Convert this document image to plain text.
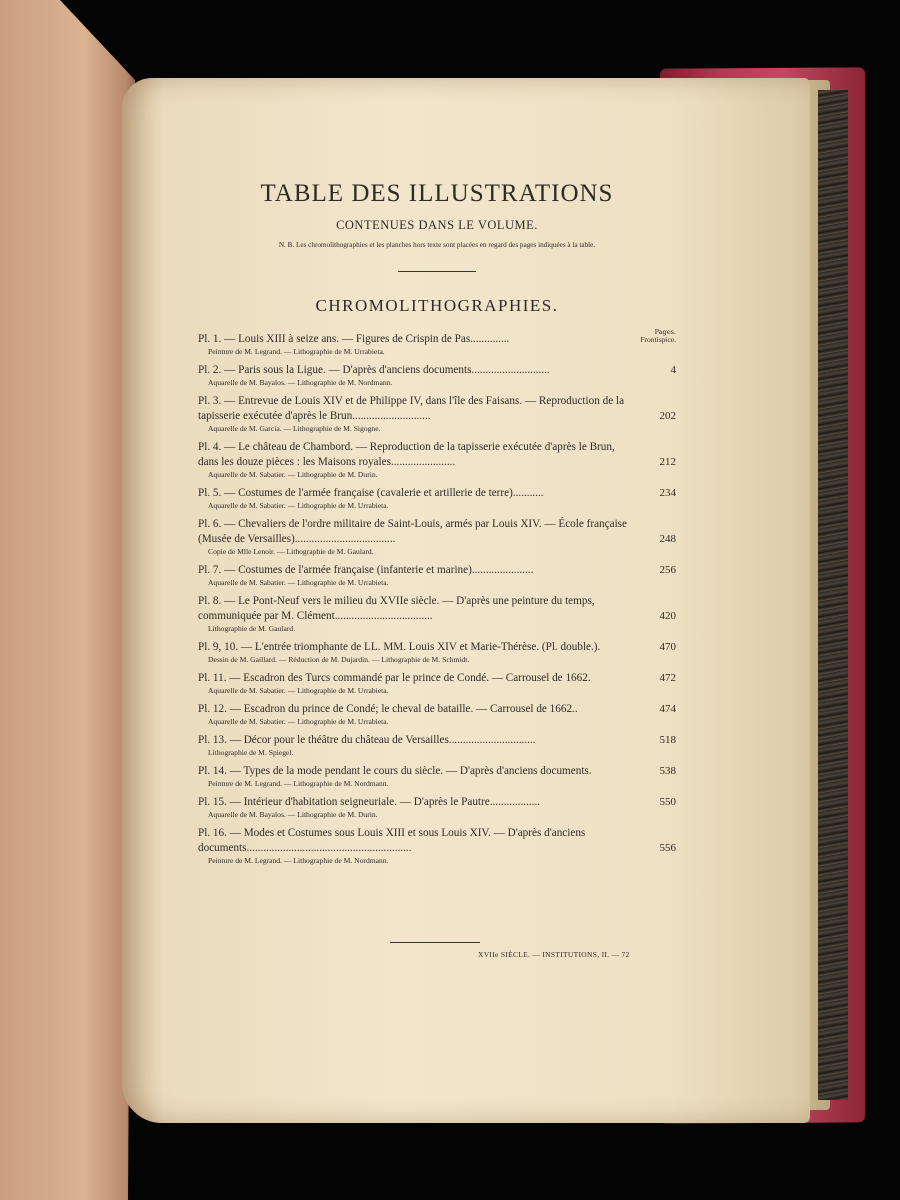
TABLE DES ILLUSTRATIONS
CONTENUES DANS LE VOLUME.
N. B. Les chromolithographies et les planches hors texte sont placées en regard des pages indiquées à la table.
CHROMOLITHOGRAPHIES.
Pages.
Pl. 1. — Louis XIII à seize ans. — Figures de Crispin de Pas..............	Frontispice.
Peinture de M. Legrand. — Lithographie de M. Urrabieta.
Pl. 2. — Paris sous la Ligue. — D'après d'anciens documents............................	4
Aquarelle de M. Bayalos. — Lithographie de M. Nordmann.
Pl. 3. — Entrevue de Louis XIV et de Philippe IV, dans l'île des Faisans. — Reproduction de la tapisserie exécutée d'après le Brun............................	202
Aquarelle de M. Garcia. — Lithographie de M. Sigogne.
Pl. 4. — Le château de Chambord. — Reproduction de la tapisserie exécutée d'après le Brun, dans les douze pièces : les Maisons royales.......................	212
Aquarelle de M. Sabatier. — Lithographie de M. Durin.
Pl. 5. — Costumes de l'armée française (cavalerie et artillerie de terre)...........	234
Aquarelle de M. Sabatier. — Lithographie de M. Urrabieta.
Pl. 6. — Chevaliers de l'ordre militaire de Saint-Louis, armés par Louis XIV. — École française (Musée de Versailles)....................................	248
Copie de Mlle Lenoir. — Lithographie de M. Gaulard.
Pl. 7. — Costumes de l'armée française (infanterie et marine)......................	256
Aquarelle de M. Sabatier. — Lithographie de M. Urrabieta.
Pl. 8. — Le Pont-Neuf vers le milieu du XVIIe siècle. — D'après une peinture du temps, communiquée par M. Clément...................................	420
Lithographie de M. Gaulard.
Pl. 9, 10. — L'entrée triomphante de LL. MM. Louis XIV et Marie-Thérèse. (Pl. double.).	470
Dessin de M. Gaillard. — Réduction de M. Dujardin. — Lithographie de M. Schmidt.
Pl. 11. — Escadron des Turcs commandé par le prince de Condé. — Carrousel de 1662.	472
Aquarelle de M. Sabatier. — Lithographie de M. Urrabieta.
Pl. 12. — Escadron du prince de Condé; le cheval de bataille. — Carrousel de 1662..	474
Aquarelle de M. Sabatier. — Lithographie de M. Urrabieta.
Pl. 13. — Décor pour le théâtre du château de Versailles...............................	518
Lithographie de M. Spiegel.
Pl. 14. — Types de la mode pendant le cours du siècle. — D'après d'anciens documents.	538
Peinture de M. Legrand. — Lithographie de M. Nordmann.
Pl. 15. — Intérieur d'habitation seigneuriale. — D'après le Pautre..................	550
Aquarelle de M. Bayalos. — Lithographie de M. Durin.
Pl. 16. — Modes et Costumes sous Louis XIII et sous Louis XIV. — D'après d'anciens documents...........................................................	556
Peinture de M. Legrand. — Lithographie de M. Nordmann.
XVIIe SIÈCLE. — INSTITUTIONS, II. — 72
